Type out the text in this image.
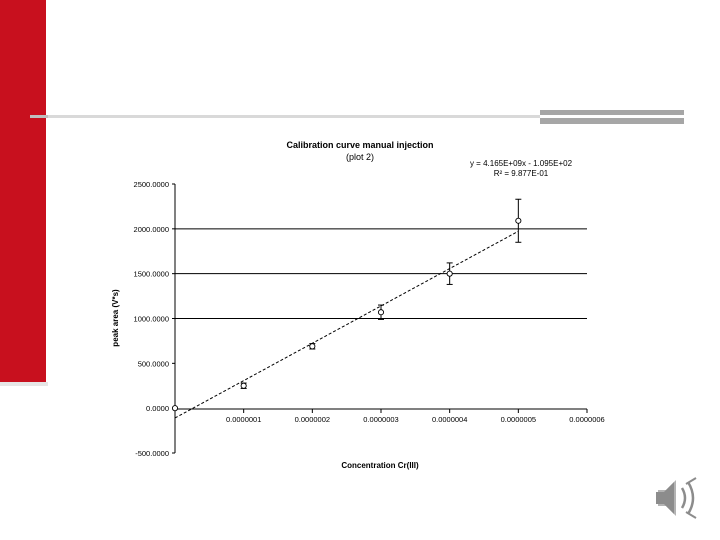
Calibration curve manual injection
(plot 2)
y = 4.165E+09x - 1.095E+02
R² = 9.877E-01
2500.0000
2000.0000
1500.0000
1000.0000
500.0000
0.0000
-500.0000
0.0000001	0.0000002	0.0000003	0.0000004	0.0000005	0.0000006
Concentration Cr(III)
peak area (V*s)
